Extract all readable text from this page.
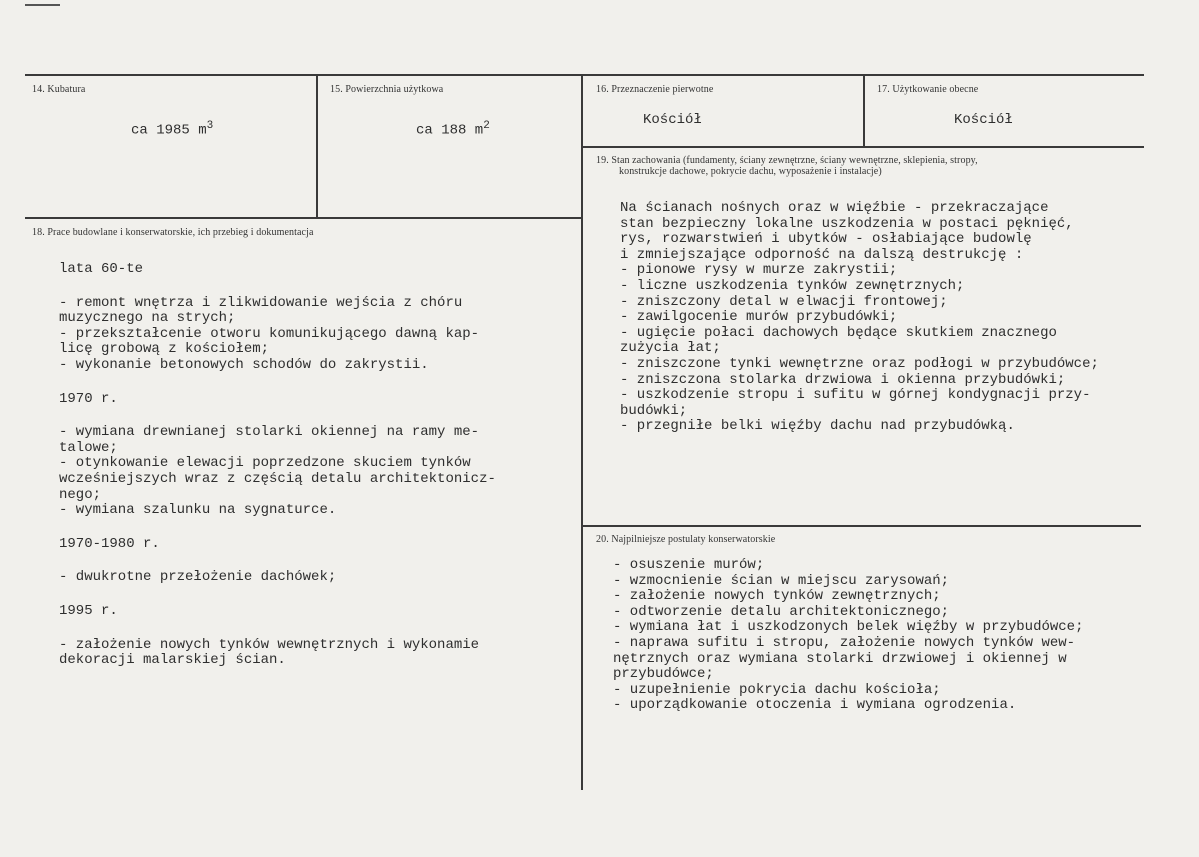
14. Kubatura
ca 1985 $m^3$
15. Powierzchnia użytkowa
ca 188 $m^2$
16. Przeznaczenie pierwotne
Kościół
17. Użytkowanie obecne
Kościół
19. Stan zachowania (fundamenty, ściany zewnętrzne, ściany wewnętrzne, sklepienia, stropy,
konstrukcje dachowe, pokrycie dachu, wyposażenie i instalacje)
Na ścianach nośnych oraz w więźbie - przekraczające
stan bezpieczny lokalne uszkodzenia w postaci pęknięć,
rys, rozwarstwień i ubytków - osłabiające budowlę
i zmniejszające odporność na dalszą destrukcję :
- pionowe rysy w murze zakrystii;
- liczne uszkodzenia tynków zewnętrznych;
- zniszczony detal w elwacji frontowej;
- zawilgocenie murów przybudówki;
- ugięcie połaci dachowych będące skutkiem znacznego
zużycia łat;
- zniszczone tynki wewnętrzne oraz podłogi w przybudówce;
- zniszczona stolarka drzwiowa i okienna przybudówki;
- uszkodzenie stropu i sufitu w górnej kondygnacji przy-
budówki;
- przegniłe belki więźby dachu nad przybudówką.
18. Prace budowlane i konserwatorskie, ich przebieg i dokumentacja
lata 60-te
- remont wnętrza i zlikwidowanie wejścia z chóru
muzycznego na strych;
- przekształcenie otworu komunikującego dawną kap-
licę grobową z kościołem;
- wykonanie betonowych schodów do zakrystii.
1970 r.
- wymiana drewnianej stolarki okiennej na ramy me-
talowe;
- otynkowanie elewacji poprzedzone skuciem tynków
wcześniejszych wraz z częścią detalu architektonicz-
nego;
- wymiana szalunku na sygnaturce.
1970-1980 r.
- dwukrotne przełożenie dachówek;
1995 r.
- założenie nowych tynków wewnętrznych i wykonamie
dekoracji malarskiej ścian.
20. Najpilniejsze postulaty konserwatorskie
- osuszenie murów;
- wzmocnienie ścian w miejscu zarysowań;
- założenie nowych tynków zewnętrznych;
- odtworzenie detalu architektonicznego;
- wymiana łat i uszkodzonych belek więźby w przybudówce;
- naprawa sufitu i stropu, założenie nowych tynków wew-
nętrznych oraz wymiana stolarki drzwiowej i okiennej w
przybudówce;
- uzupełnienie pokrycia dachu kościoła;
- uporządkowanie otoczenia i wymiana ogrodzenia.
